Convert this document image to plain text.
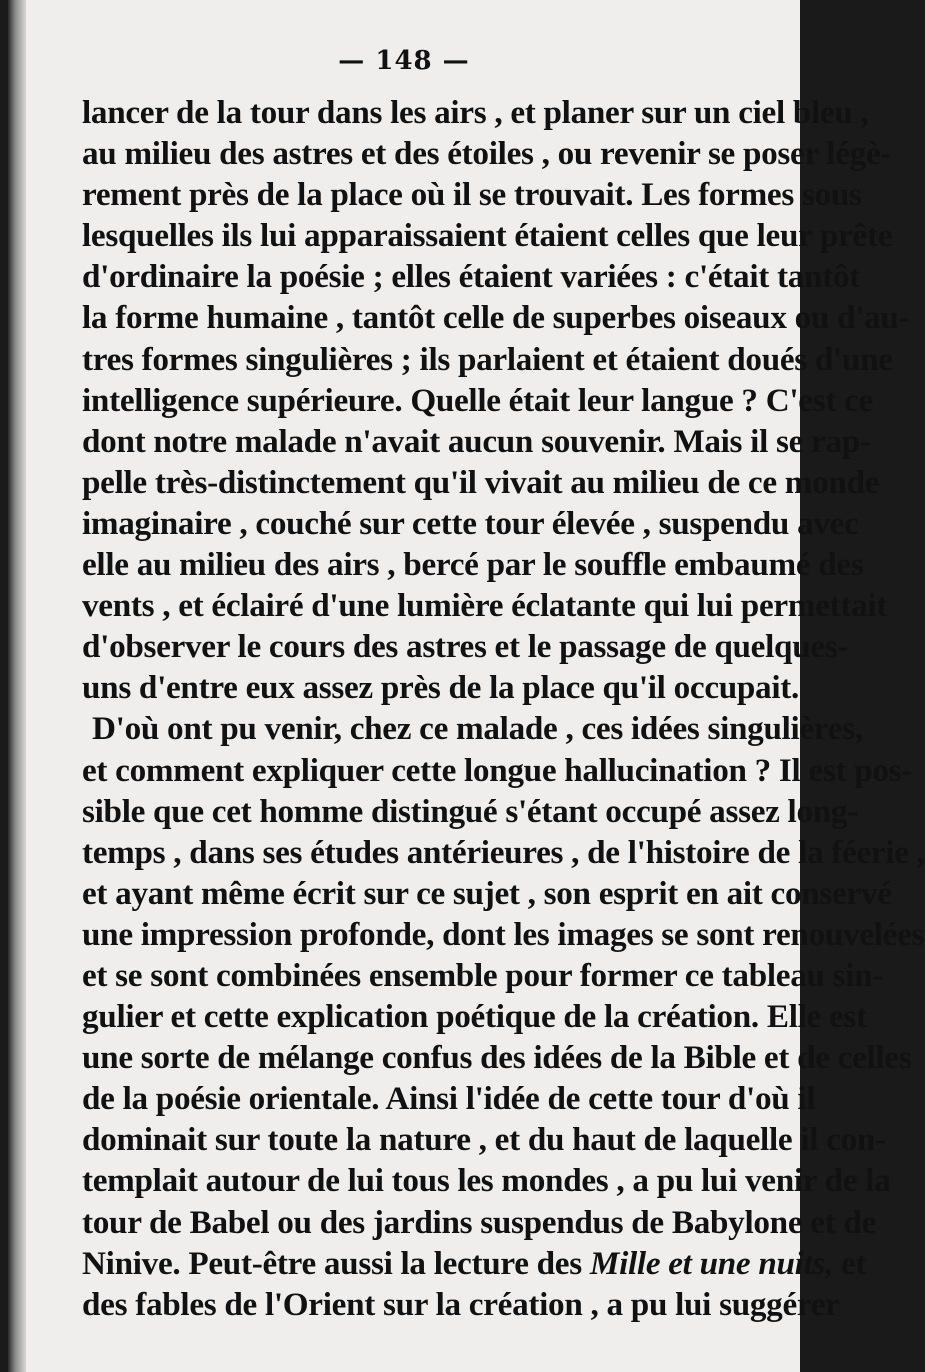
— 148 —
lancer de la tour dans les airs , et planer sur un ciel bleu ,
au milieu des astres et des étoiles , ou revenir se poser légè-
rement près de la place où il se trouvait. Les formes sous
lesquelles ils lui apparaissaient étaient celles que leur prête
d'ordinaire la poésie ; elles étaient variées : c'était tantôt
la forme humaine , tantôt celle de superbes oiseaux ou d'au-
tres formes singulières ; ils parlaient et étaient doués d'une
intelligence supérieure. Quelle était leur langue ? C'est ce
dont notre malade n'avait aucun souvenir. Mais il se rap-
pelle très-distinctement qu'il vivait au milieu de ce monde
imaginaire , couché sur cette tour élevée , suspendu avec
elle au milieu des airs , bercé par le souffle embaumé des
vents , et éclairé d'une lumière éclatante qui lui permettait
d'observer le cours des astres et le passage de quelques-
uns d'entre eux assez près de la place qu'il occupait.
D'où ont pu venir, chez ce malade , ces idées singulières,
et comment expliquer cette longue hallucination ? Il est pos-
sible que cet homme distingué s'étant occupé assez long-
temps , dans ses études antérieures , de l'histoire de la féerie ,
et ayant même écrit sur ce sujet , son esprit en ait conservé
une impression profonde, dont les images se sont renouvelées
et se sont combinées ensemble pour former ce tableau sin-
gulier et cette explication poétique de la création. Elle est
une sorte de mélange confus des idées de la Bible et de celles
de la poésie orientale. Ainsi l'idée de cette tour d'où il
dominait sur toute la nature , et du haut de laquelle il con-
templait autour de lui tous les mondes , a pu lui venir de la
tour de Babel ou des jardins suspendus de Babylone et de
Ninive. Peut-être aussi la lecture des Mille et une nuits, et
des fables de l'Orient sur la création , a pu lui suggérer
